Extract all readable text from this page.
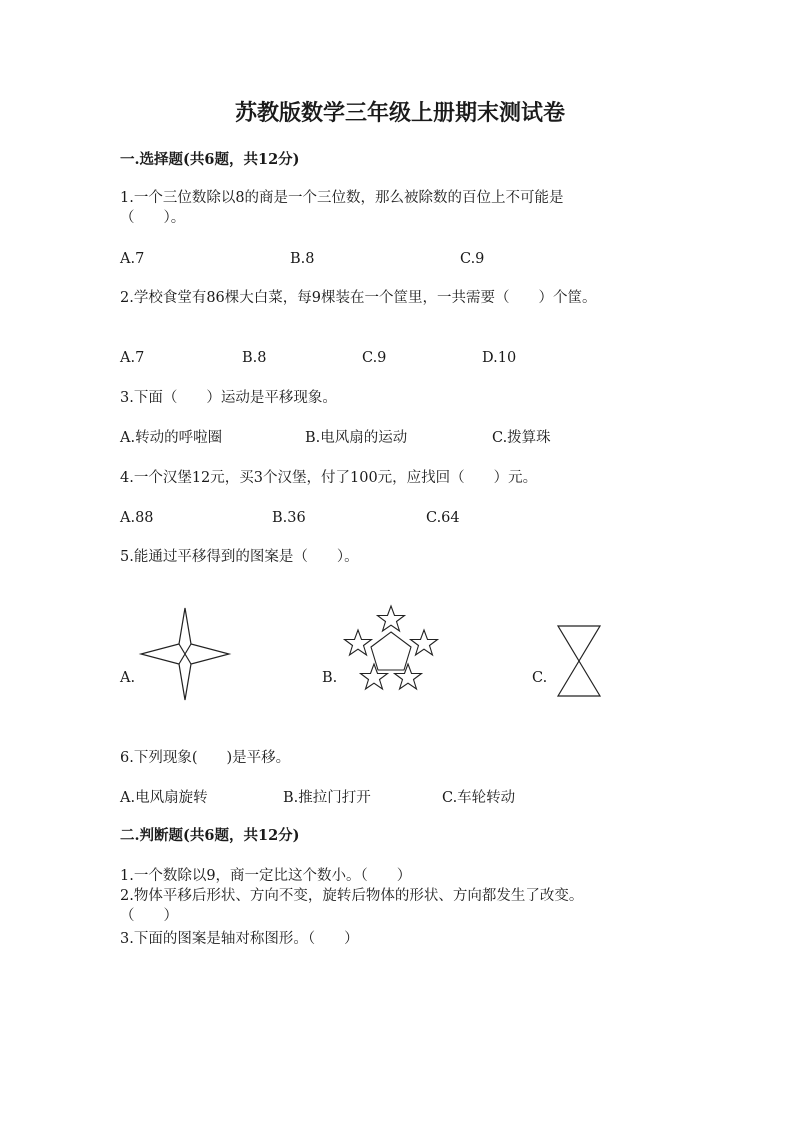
苏教版数学三年级上册期末测试卷
一.选择题(共6题，共12分)
1.一个三位数除以8的商是一个三位数，那么被除数的百位上不可能是
（　　）。
A.7	B.8	C.9
2.学校食堂有86棵大白菜，每9棵装在一个筐里，一共需要（　　）个筐。
A.7	B.8	C.9	D.10
3.下面（　　）运动是平移现象。
A.转动的呼啦圈	B.电风扇的运动	C.拨算珠
4.一个汉堡12元，买3个汉堡，付了100元，应找回（　　）元。
A.88	B.36	C.64
5.能通过平移得到的图案是（　　）。
A.	B.	C.
6.下列现象(　　)是平移。
A.电风扇旋转	B.推拉门打开	C.车轮转动
二.判断题(共6题，共12分)
1.一个数除以9，商一定比这个数小。（　　）
2.物体平移后形状、方向不变，旋转后物体的形状、方向都发生了改变。
（　　）
3.下面的图案是轴对称图形。（　　）
